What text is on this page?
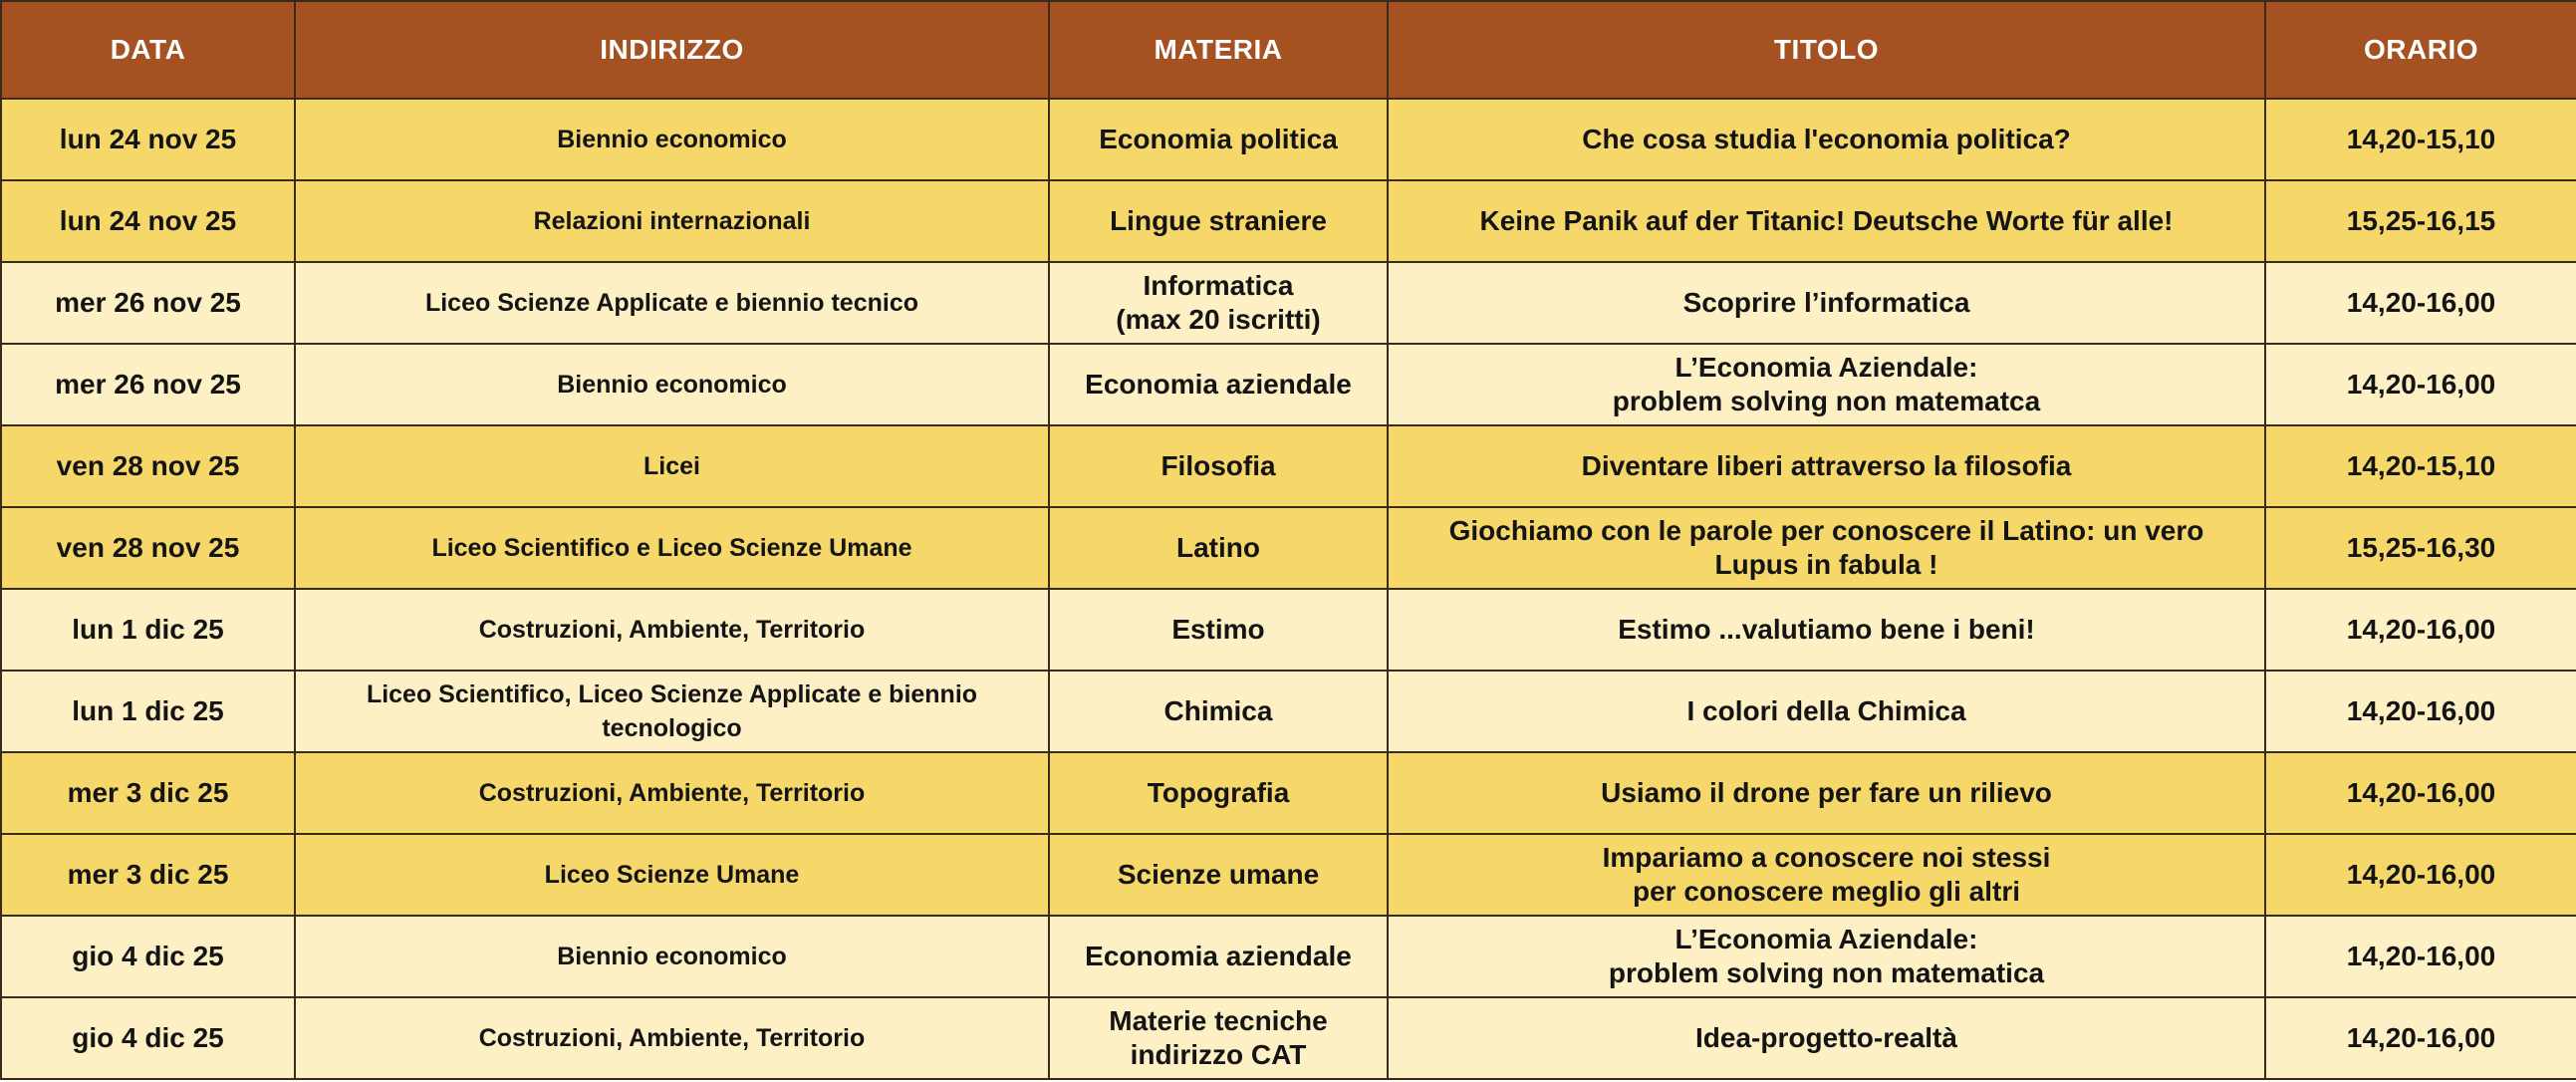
DATA	INDIRIZZO	MATERIA	TITOLO	ORARIO
lun 24 nov 25	Biennio economico	Economia politica	Che cosa studia l'economia politica?	14,20-15,10
lun 24 nov 25	Relazioni internazionali	Lingue straniere	Keine Panik auf der Titanic! Deutsche Worte für alle!	15,25-16,15
mer 26 nov 25	Liceo Scienze Applicate e biennio tecnico	Informatica
(max 20 iscritti)	Scoprire l’informatica	14,20-16,00
mer 26 nov 25	Biennio economico	Economia aziendale	L’Economia Aziendale:
problem solving non matematca	14,20-16,00
ven 28 nov 25	Licei	Filosofia	Diventare liberi attraverso la filosofia	14,20-15,10
ven 28 nov 25	Liceo Scientifico e Liceo Scienze Umane	Latino	Giochiamo con le parole per conoscere il Latino: un vero
Lupus in fabula !	15,25-16,30
lun 1 dic 25	Costruzioni, Ambiente, Territorio	Estimo	Estimo ...valutiamo bene i beni!	14,20-16,00
lun 1 dic 25	Liceo Scientifico, Liceo Scienze Applicate e biennio
tecnologico	Chimica	I colori della Chimica	14,20-16,00
mer 3 dic 25	Costruzioni, Ambiente, Territorio	Topografia	Usiamo il drone per fare un rilievo	14,20-16,00
mer 3 dic 25	Liceo Scienze Umane	Scienze umane	Impariamo a conoscere noi stessi
per conoscere meglio gli altri	14,20-16,00
gio 4 dic 25	Biennio economico	Economia aziendale	L’Economia Aziendale:
problem solving non matematica	14,20-16,00
gio 4 dic 25	Costruzioni, Ambiente, Territorio	Materie tecniche
indirizzo CAT	Idea-progetto-realtà	14,20-16,00
